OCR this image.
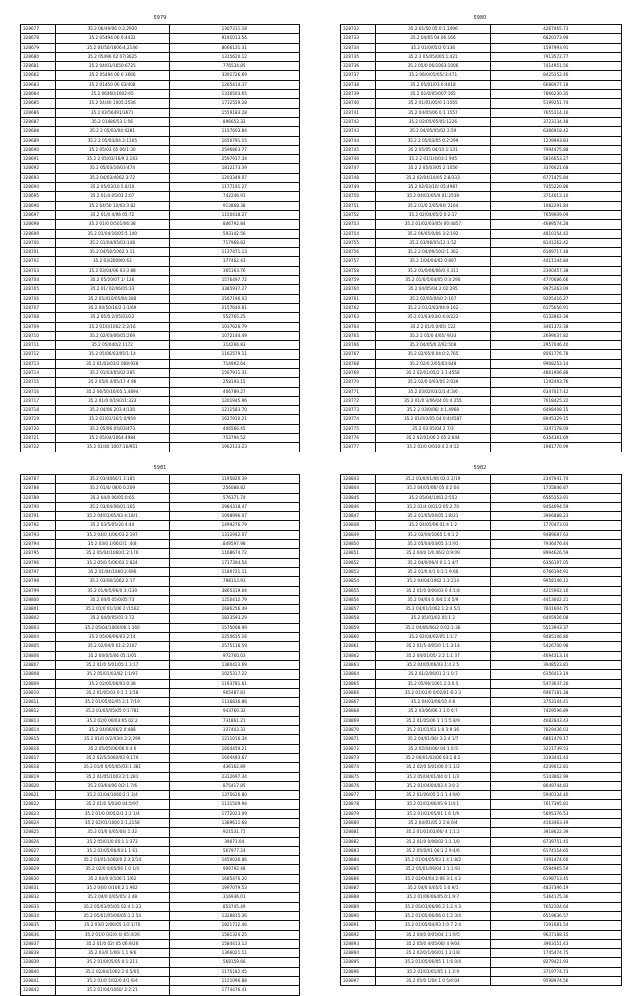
5979
328677	35.2 06/49/06 0:2,2930	1307311.18
328678	35.2 05494 06 0:4432	9191013.56
328679	35.2 04/50/1606:4,2146	8066131.31
328680	35.2 05496 02 07/3625	1315620.12
328681	35.2 04/03/1650:6725	776534.85
328682	35.2 05494 06 0 3666	3392726.69
328683	35.2 01450 06 03/408	1265414.37
328684	35.2 06460/1002:65	1316503.65
328685	35.2 04/40 1005:2536	1712559.28
328686	35.2 03/56491/3671	1559183.28
328687	35.2 01480/53 1:56	896653.32
328688	35.2 2 05/03/04:4281	1157603.84
328689	35.2 2 05/03/04 2:1165	1650791.15
328690	35.2 05/03 05 06/1:30	2596863.77
328691	35.2 2 05/03/16/9 3,163	2597917.34
328692	35.2 05/03/16/03:474	1812173.39
328693	35.2 04/03/4062 3:72	1203349.07
328694	35.2 05/03/10 5.8/10	1177191.27
328695	35.2 01/4 05/03 2:07	742246.91
328696	35.2 04/50 10/03:3 82	913868.38
328697	35.2 01/0 4/06 05:72	1150438.27
328698	35.2 01/0 0/501/06:38	846792.84
328699	35.2 01/04/16/05:5 140	593142.56
328700	35.2 01/04/05/03:148	717968.82
328701	35.2 04/50/1062:3 11	1137471.13
328702	35.2 03/2009/0:63	377462.43
328703	35.2 03/04/06 03:3 88	365163.76
328704	35.2 05/20/07 1/ 126	1576497.72
328705	35.2 01/ 02/06/05:33	3385937.27
328706	35.2 05/410/05/04:288	2567196.03
328707	35.2 04/50/16/2 3:1/69	2157640.81
328708	35.2 05/0 2/05/03/22	552765.25
328709	35.2 01/0/1062 2:2/16	1037626.79
328710	35.2 02/03/06/05:269	1072144.49
328711	35.2 05/040/2 1172	314266.83
328712	35.2 05/06/03/05/1:14	1162579.11
328713	35.2 01/03/03/2 008:928	714962.64
328714	35.2 01/03/05/02:285	1567911.31
328715	35.2 05/0 4/05/17 4 96	258193.15
328716	35.2 06/50/16/05:1,4894	406789.27
328717	35.2 01/0 0/19/2/1:323	1201945.96
328718	35.2 04/06 203:4/130	1211583.70
328719	35.2 01/01/16/1:0/959	1627910.21
328720	35.2 05/06 05/03/473	406566.45
328721	35.2 05/04/1064:4984	753794.52
328722	35.2 01/40 1007:16/951	1962133.23

5980
328732	35.2 01/50 05 0:1,1496	4267465.73
328733	35.2 04/05 04 06:166	6820173.98
328734	35.2 01/0/05/2 0:136	1597993.91
328735	35.2 2 05/05/005:1,421	7913572.77
328736	35.2 05/0 06/1003:1006	7414951.56
328737	35.2 06/0/05/05/:3:471	8425152.46
328738	35.2 05/01/03 0:4018	6686977.18
328739	35.2 02/0/05/007:165	7866230.35
328740	35.2 01/01/05/0 1:1565	5199251.74
328741	35.2 04/05/06 0:1 1557	7655114.16
328742	35.2 02/05/05/05:1226	3723134.48
328743	35.2 04/05/05/02 2:59	6366918.42
328744	35.2 2 05/03/05 0:2:299	1239993.83
328745	35.2 05/05 04/10:1:131	7994475.88
328746	35.2 2 01/1/4/03:1 945	5816653.27
328747	35.2 2 05/03/05 2:1056	3376621.68
328748	35.2 02/04/10/05 2:8/333	6771475.84
328749	35.2 02/03/10/ 05:4987	7455220.88
328750	35.2 04/01/05/0 01:2539	3714013.10
328751	35.2 01/0 2/05/04/ 2164	1082291.84
328752	35.2 02/04/05/2 0:2:17	7659609.09
328753	35.2 01/02/03/05/ 00:4857	4689574.28
328754	35.2 06/05/0/06 3:2:192	4810154.42
328755	35.2 03/06/05/12:1:52	8141262.42
328756	35.2 2 04/09/10/2:1 362	6169717.48
328757	35.2 1/04/04/02 0:697	4411144.84
328758	35.2 01/0/06/06/0 4 311	2300457.38
328759	35.2 01/0/5/04/05 0:3:290	4770686.66
328760	35.2 04/05/04 2:02:295	8975263.09
328761	35.2 02/05/04/0 2:167	9205416.27
328762	35.2 2 01/2/03/04:9 162	6175656.91
328763	35.2 01/03/03/0 4:0/222	6132862.38
328764	35.2 2 01/0 0/05/ 122	3461372.38
328765	35.2 2 05/0 4/05/ 9/33	2699037.82
328766	35.2 04/05/0 2/02:508	2957046.40
328767	35.2 02/05/0 04:0:2,765	8561776.78
328768	35.2 02/0 2/05/03:648	9908253.14
328769	35.2 02/01/05/2 3 1:4558	4861906.88
328770	35.2 02/0 0/03/05 2:039	1192493.76
328771	35.2 03/02/03/2/1:4:3/6	6347017.42
328772	35.2 01/0 3/06/04 01:4 255	7618425.22
328773	35.2 2 03/0/06/ 4:1,4968	6498408.15
328774	35.2 01/0/3/05 04 0:4(4587	8945329.15
328775	35.2 03 05/04 2 7/3	3347178.09
328776	35.2 02/01/06 2 05:2:644	6354361.69
328777	35.2 01/0 0/010:4 2:4:12	1981770.99

5981
328787	35.2 03/4060/1 3:185	1195820.39
328788	35.2 01/4/ 08/0 0:209	256088.82
328789	35.2 04/0 06/05:0:65	576371.74
328790	35.2 03/04/06/01:165	2984318.47
328791	35.2 04/01/05/03 4:18/1	1098996.07
328792	35.2 03/5/05/20 4:44	1499276.79
328793	35.2 04/0 1/06/03 2:197	1312942.07
328794	35.2 03/0 1/06/2/1 :4(8	849597.98
328795	35.2 05/04/1060/1 2:176	1168674.72
328796	35.2 05/0 5/06/03 1:824	1717304.54
328797	35.2 01/04/1060:2:696	1180721.11
328798	35.2 03/06/1062:2:17	798113.91
328799	35.2 01/0/5/06/0 3:/130	3865319.04
328800	35.2 04/0 05/0/05:73	1250412.79
328801	35.2 01/0 01/106 2:/1562	2686256.49
328802	35.2 04/0/05/01:3 72	1823593.29
328803	35.2 05/04/1060/06:1 160	1575008.99
328804	35.2 05/06/06/03 2:14	2250615.16
328805	35.2 02/04/0 01:2:2107	2575116.59
328806	35.2 04/0/5/06 05:1/05	972760.03
328807	35.2 01/0 5/01/05:1 3:17	1380423.69
328808	35.2 05/01/03/02 1:1/97	1025317.22
328809	35.2 02/05/06/03 0:38	1193781.61
328810	35.2 01/05/03 0:1 1 3:58	905487.81
328811	35.2 01/05/02/05 2:1 7/19	1136836.86
328812	35.2 01/05/05/05 0:1:781	943760.32
328813	35.2 02/0 06/03:05 02:2	731861.21
328814	35.2 04/06/06/2 0:488	337403.31
328815	35.2 01/0 0/2/03/4 2:2;299	1211016.34
328816	35.2 05/05/06/06 0:4 6	1664459.21
328817	35.2 02/5/1060/03 9:170	1604493.67
328818	35.2 01/0 0/05/05/03:1 381	436162.89
328819	35.2 01/05/1003 2:1:281	2312697.34
328820	35.2 03/04/06 0/2:1 7/6	875417.85
328821	35.2 01/04/1060:2:1 3/4	1375626.80
328822	35.2 01/0 5/03/0 04:5/97	1131509.94
328823	35.2 01/0 0/05/2/1 2:2 1/4	1772023.09
328824	35.2 02/01/1060 2:1,2158	1389611.68
328825	35.2 01/0 0/05/04/ 1:32	921531.71
328826	35.2 05/01/0 05:1 1:373	39071.04
328827	35.2 01/05/06/03:1 1 61	567977.24
328828	35.2 03/01/1060/0 2:3:2/14	1450036.86
328829	35.2 02/0 0/05/06 1 0 1/4	906792.48
328830	35.2 04/0 0/106:1 1/62	1685476.20
328831	35.2 04/0 0/106:2:1 962	1997079.53
328832	35.2 04/0 0/05/05/ 3 48	316936.01
328833	35.2 05/03/05/05 02:4 1:23	853745.49
328834	35.2 05/01/05/06/05:1 2 54	1328815.36
328835	35.2 03/0 2/06/05 1/2:1/70	1821712.46
328836	35.2 01/0 0/2/0 4/ 05:4/26	1581324.25
328837	35.2 01/0 02/ 05 06:9/26	1584413.13
328838	35.2 03/0 1/06/ 1,1 9/6	1366021.11
328839	35.2 01/0/05/05 0:1:211	568159.66
328840	35.2 02/04/1062:2:0:5/05	1175182.45
328841	35.2 01/0 5/02/0 4/1 6/4	1121096.88
328842	35.2 01/04/1060/ 2:2:21	1774476.41
5982
328843	35.2 01/0/01/06 03:2 2/19	2347941.74
328844	35.2 04/05/06/ 05 0:2:04	1735846.87
328845	35.2 05/04/1061:2:553	6565153.91
328846	35.2 01/4 0/01/2 05:2:70	9454694.59
328847	35.2 01/05/04/05 1:8/21	3966888.23
328848	35.2 04/05/06 01:4 1:2	1770473.03
328849	35.2 02/04/1065 1:0:1 2	9489087.63
328850	35.2 05/04/03/05 3:1:91	7936476.44
328851	35.2 04/0 1/0 06/2 0:9:09	8994626.59
328852	35.2 04/0/06/4 0:1:1 4/7	6356197.05
328853	35.2 01/0 0/1 0:1:1 9:66	6766194.91
328854	35.2 04/04/1062 1:3:214	9958146.12
328855	35.2 01/0 0/06/03 0 4:1:8	4215902.16
328856	35.2 04/04 0 /04:1:4 5/9	4413002.21
328857	35.2 04/01/1062 1:2:4 5/1	7841604.75
328858	35.2 05/01/02 05:1 2	6405926.08
328859	35.2 04/06/06/2 0:02:1:36	5513943.37
328860	35.2 02/04/02/05 1:1:7	9485106.80
328861	35.2 01/5 4/05/0 1:1 3:14	5426700.98
328862	35.2 04/01/05/ 2:2 1:1 37	4694313.14
328863	35.2 04/05/06/03 1:4 2 5	3948523.81
328864	35.2 01/2/06/01 2:1 0:7	6156413.19
328865	35.2 05/06/1061 2:3:0 5	5473637.26
328866	35.2 01/01/0 0/02/01 6:3 3	6967181.38
328867	35.2 04/03/06/10 4 8	3753144.41
328868	35.2 03/06/06 3 1:0 6:7	7429596.89
328869	35.2 01/05/06 1 1:1:5 8/9	4682843.43
328870	35.2 01/01/03 1:0 3:9:36	7829436.03
328871	35.2 04/01/06/ 3:2:4 1/7	6861479.17
328872	35.2 02/04/06/ 04:1 6:5	3221739.53
328873	35.2 06/01/02/06 03:1 8:2	3193441.43
328874	35.2 02/0 5/01/06 0:1 1/2	4239012.81
328875	35.2 05/04/01/04 0:1 1/3	5143862.99
328876	35.2 01/04/04/03 4 3:0 2	8649744.83
328877	35.2 01/06/05 2:1 1 4:9/0	5940134.40
328878	35.2 01/01/06/05 9 1/4:1	7617395.81
328879	35.2 01/01/05/01 1 6 1/9	5695376.53
328880	35.2 04/01/05 2 2:8 0/4	4163463.49
328881	35.2 01/01/02/06/ 4 1:1:2	3918622.39
328882	35.2 01/0 0/06/02 1:1 1/0	6739751.45
328883	35.2 05/0/01 06:1 2 9:4/6	6174154.65
328884	35.2 01/04/05/03 1 4 1:8/2	7491474.60
328885	35.2 05/01/06/04 1 1:1:91	6594965.59
328886	35.2 02/04/04 2:06 3:1 4 2	6198713.45
328887	35.2 04/0 0/05/1 1:0 9/1	4837396.19
328888	35.2 01/06/06/05 0:1 9:7	5364175.36
328889	35.2 05/01/06/06 2 1:2 4 3	7652104.64
328890	35.2 01/05/06/06 0 1:2 3/4	6519636.57
328891	35.2 01/05/04/03 1:0 7 2:4	7291681.54
328892	35.2 04/0 0/05/04 1 1:9/5	9637188.15
328893	35.2 05/0 4/05/06/ 4 9/04	3963151.43
328894	35.2 02/0/1/06/01 1 2:1/8	1745474.75
328895	35.2 01/05/06/05 1 1:6 0/4	8279421.93
328896	35.2 01/01/01/05 1 1 2:9	3719774.73
328897	35.2 05/0 1/04 1 0 5/4:04	9598974.56
